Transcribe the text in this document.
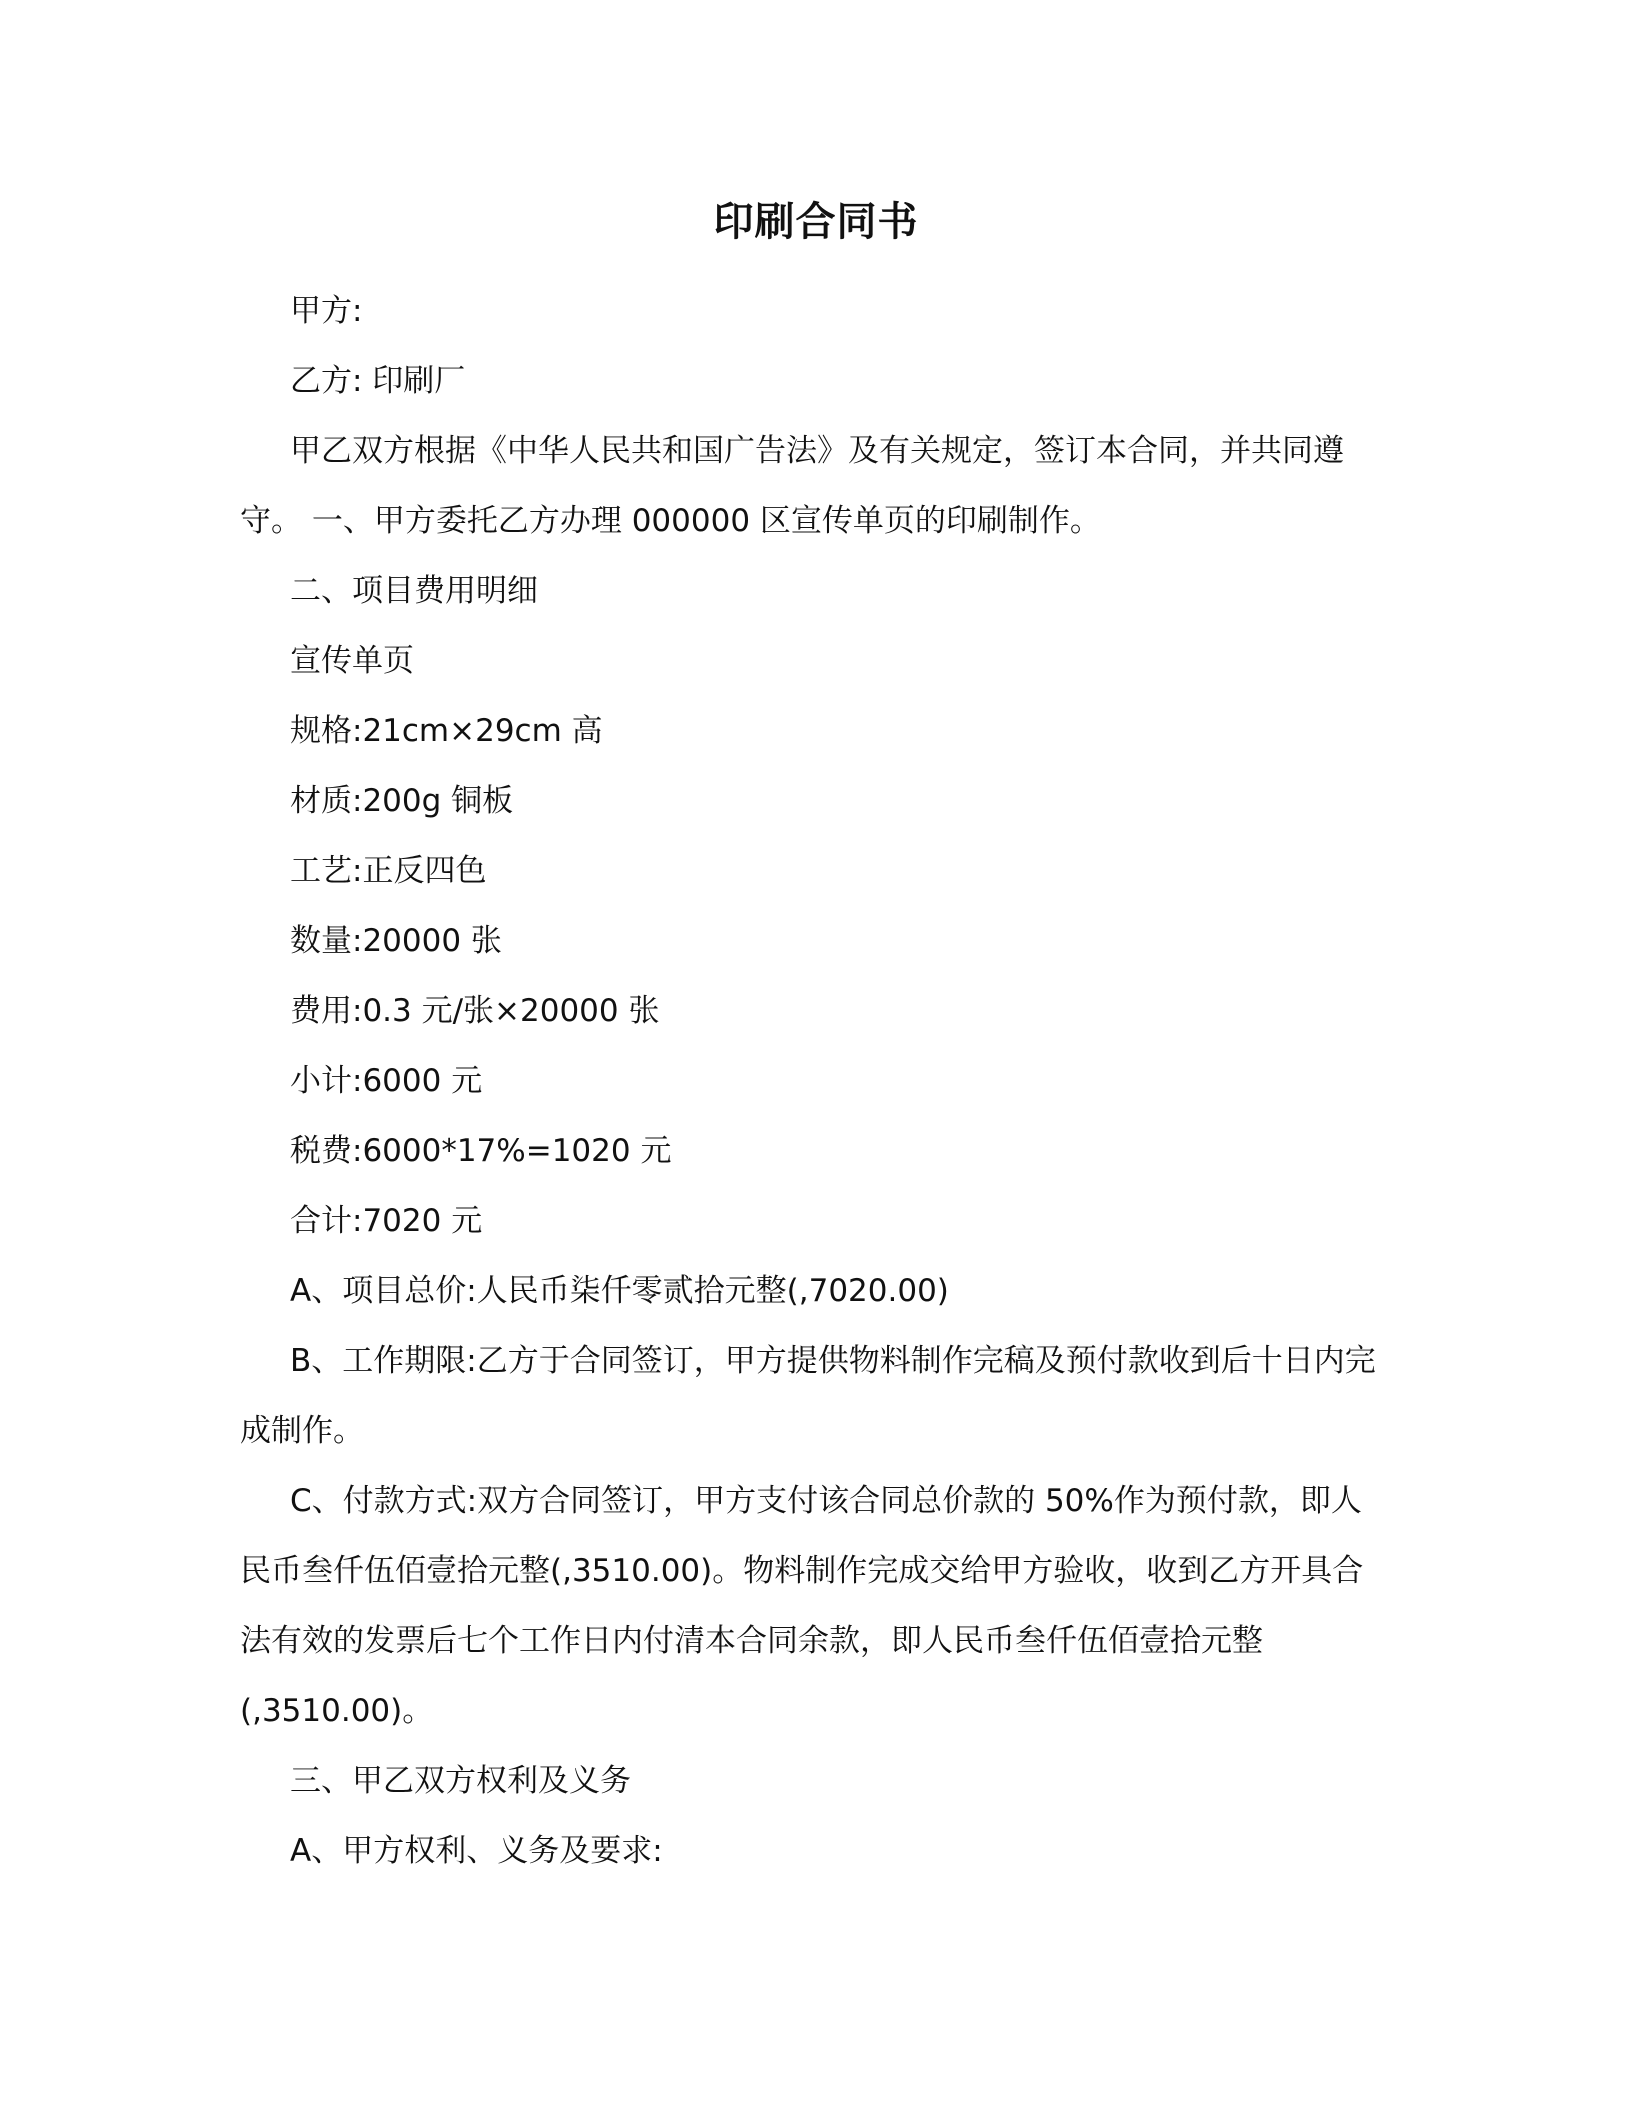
印刷合同书

甲方:

乙方: 印刷厂

甲乙双方根据《中华人民共和国广告法》及有关规定，签订本合同，并共同遵守。 一、甲方委托乙方办理 000000 区宣传单页的印刷制作。

二、项目费用明细

宣传单页

规格:21cm×29cm 高

材质:200g 铜板

工艺:正反四色

数量:20000 张

费用:0.3 元/张×20000 张

小计:6000 元

税费:6000*17%=1020 元

合计:7020 元

A、项目总价:人民币柒仟零贰拾元整(,7020.00)

B、工作期限:乙方于合同签订，甲方提供物料制作完稿及预付款收到后十日内完成制作。

C、付款方式:双方合同签订，甲方支付该合同总价款的 50%作为预付款，即人民币叁仟伍佰壹拾元整(,3510.00)。物料制作完成交给甲方验收，收到乙方开具合法有效的发票后七个工作日内付清本合同余款，即人民币叁仟伍佰壹拾元整(,3510.00)。

三、甲乙双方权利及义务

A、甲方权利、义务及要求:
